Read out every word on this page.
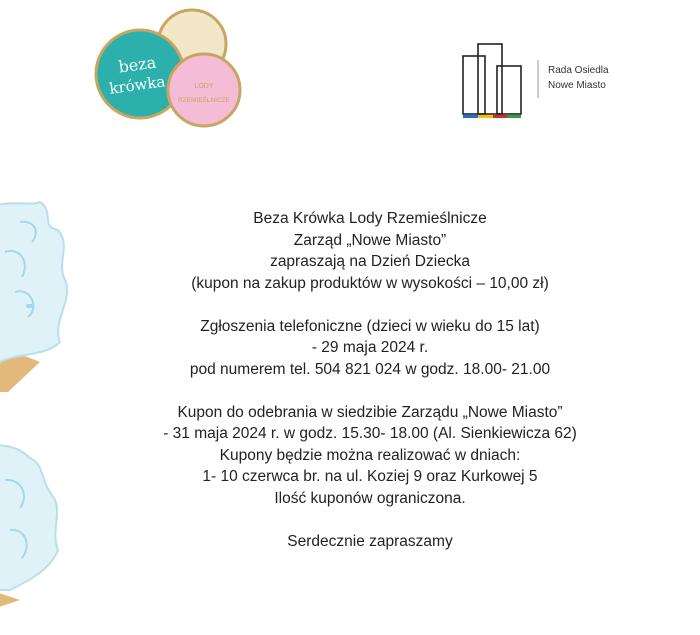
beza
krówka	LODY
RZEMIEŚLNICZE
Rada Osiedla
Nowe Miasto
Beza Krówka Lody Rzemieślnicze
Zarząd „Nowe Miasto”
zapraszają na Dzień Dziecka
(kupon na zakup produktów w wysokości – 10,00 zł)
Zgłoszenia telefoniczne (dzieci w wieku do 15 lat)
- 29 maja 2024 r.
pod numerem tel. 504 821 024 w godz. 18.00- 21.00
Kupon do odebrania w siedzibie Zarządu „Nowe Miasto”
- 31 maja 2024 r. w godz. 15.30- 18.00 (Al. Sienkiewicza 62)
Kupony będzie można realizować w dniach:
1- 10 czerwca br. na ul. Koziej 9 oraz Kurkowej 5
Ilość kuponów ograniczona.
Serdecznie zapraszamy
